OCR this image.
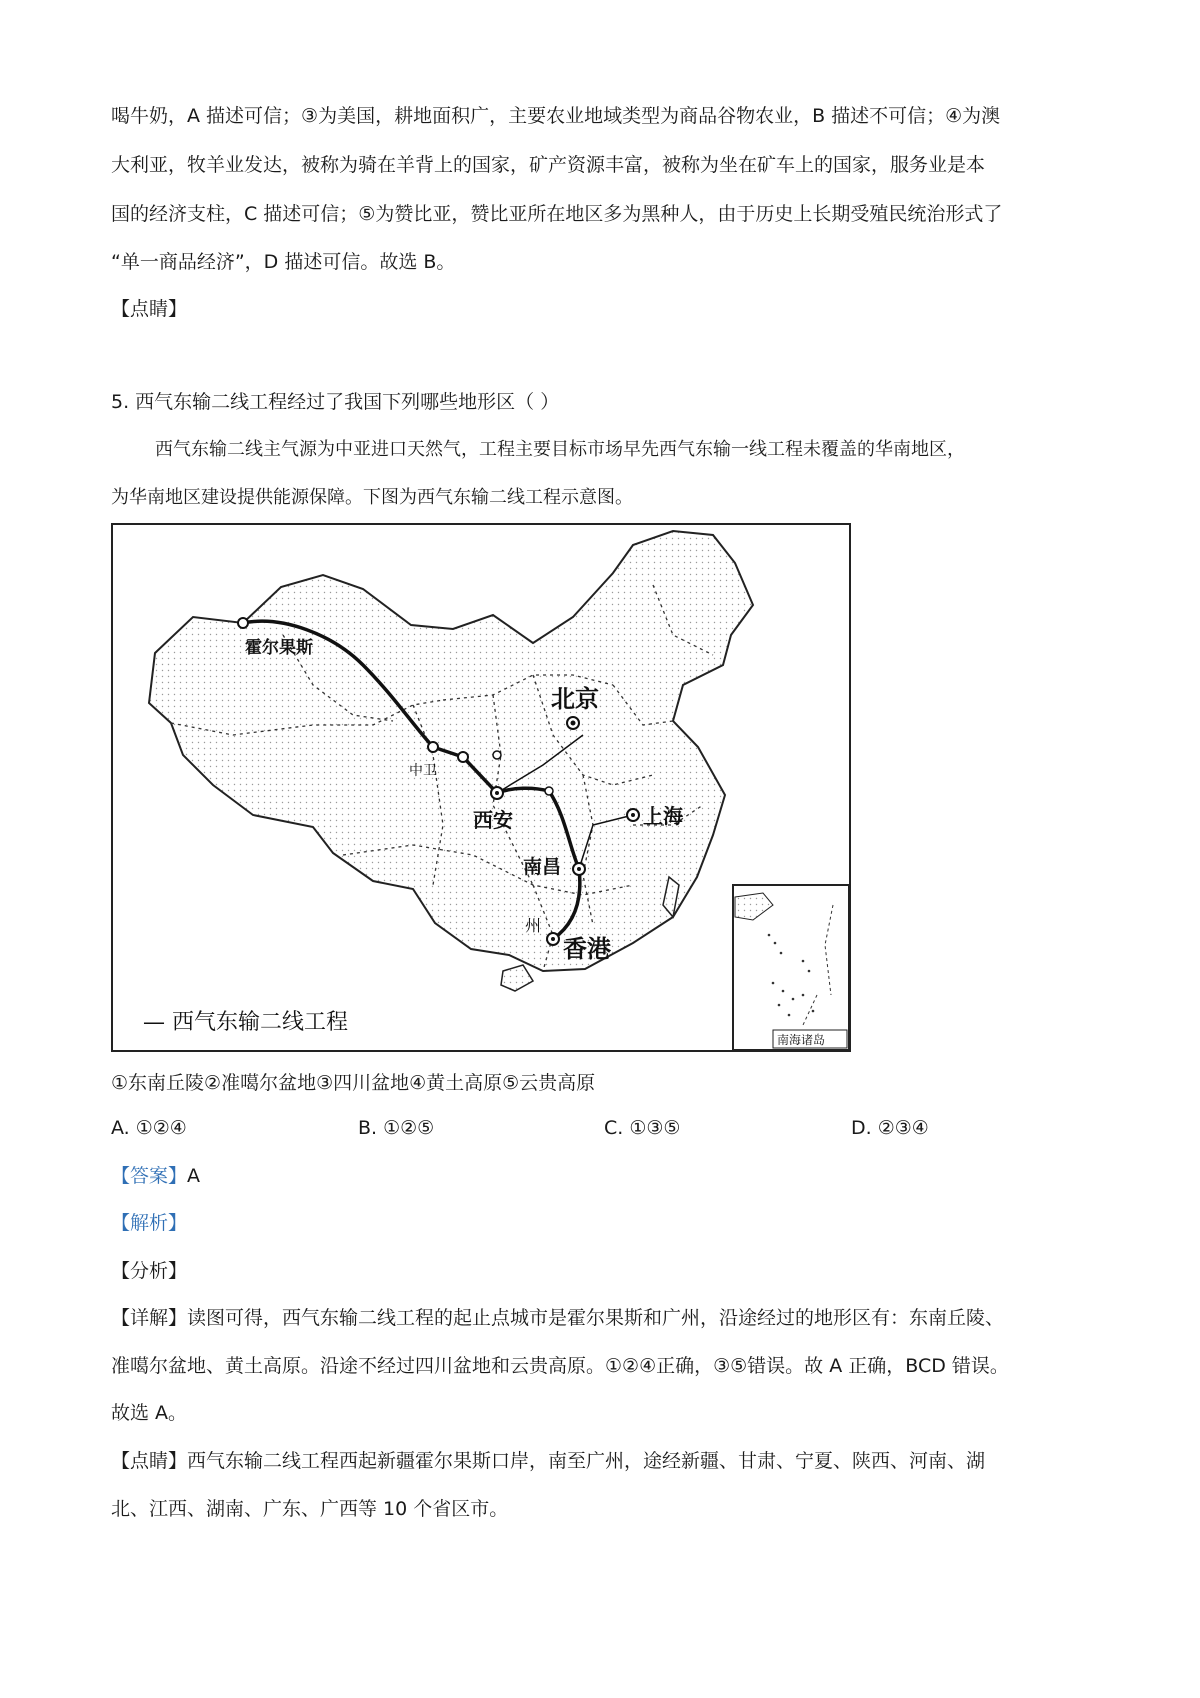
喝牛奶，A 描述可信；③为美国，耕地面积广，主要农业地域类型为商品谷物农业，B 描述不可信；④为澳
大利亚，牧羊业发达，被称为骑在羊背上的国家，矿产资源丰富，被称为坐在矿车上的国家，服务业是本
国的经济支柱，C 描述可信；⑤为赞比亚，赞比亚所在地区多为黑种人，由于历史上长期受殖民统治形式了
“单一商品经济”，D 描述可信。故选 B。
【点睛】
5. 西气东输二线工程经过了我国下列哪些地形区（ ）
西气东输二线主气源为中亚进口天然气，工程主要目标市场早先西气东输一线工程未覆盖的华南地区，
为华南地区建设提供能源保障。下图为西气东输二线工程示意图。
霍尔果斯
中卫
北京
西安	上海
南昌
州
香港
— 西气东输二线工程
南海诸岛
①东南丘陵②准噶尔盆地③四川盆地④黄土高原⑤云贵高原
A. ①②④	B. ①②⑤	C. ①③⑤	D. ②③④
【答案】A
【解析】
【分析】
【详解】读图可得，西气东输二线工程的起止点城市是霍尔果斯和广州，沿途经过的地形区有：东南丘陵、
准噶尔盆地、黄土高原。沿途不经过四川盆地和云贵高原。①②④正确，③⑤错误。故 A 正确，BCD 错误。
故选 A。
【点睛】西气东输二线工程西起新疆霍尔果斯口岸，南至广州，途经新疆、甘肃、宁夏、陕西、河南、湖
北、江西、湖南、广东、广西等 10 个省区市。
